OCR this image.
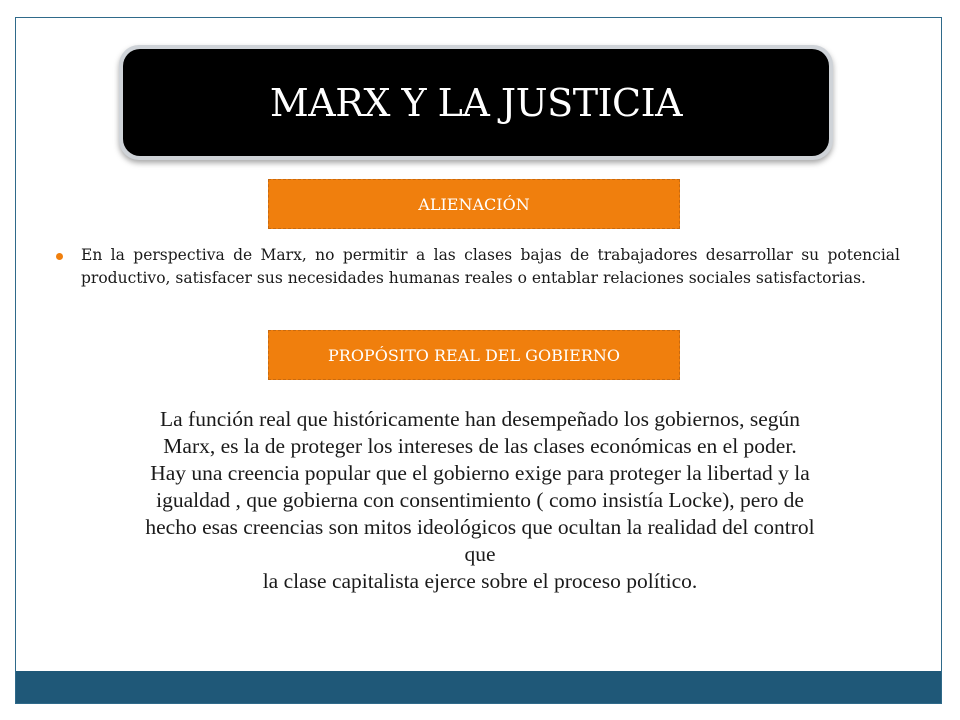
MARX Y LA JUSTICIA
ALIENACIÓN
En la perspectiva de Marx, no permitir a las clases bajas de trabajadores desarrollar su potencial productivo, satisfacer sus necesidades humanas reales o entablar relaciones sociales satisfactorias.
PROPÓSITO REAL DEL GOBIERNO
La función real que históricamente han desempeñado los gobiernos, según
Marx, es la de proteger los intereses de las clases económicas en el poder.
Hay una creencia popular que el gobierno exige para proteger la libertad y la
igualdad , que gobierna con consentimiento ( como insistía Locke), pero de
hecho esas creencias son mitos ideológicos que ocultan la realidad del control
que
la clase capitalista ejerce sobre el proceso político.
